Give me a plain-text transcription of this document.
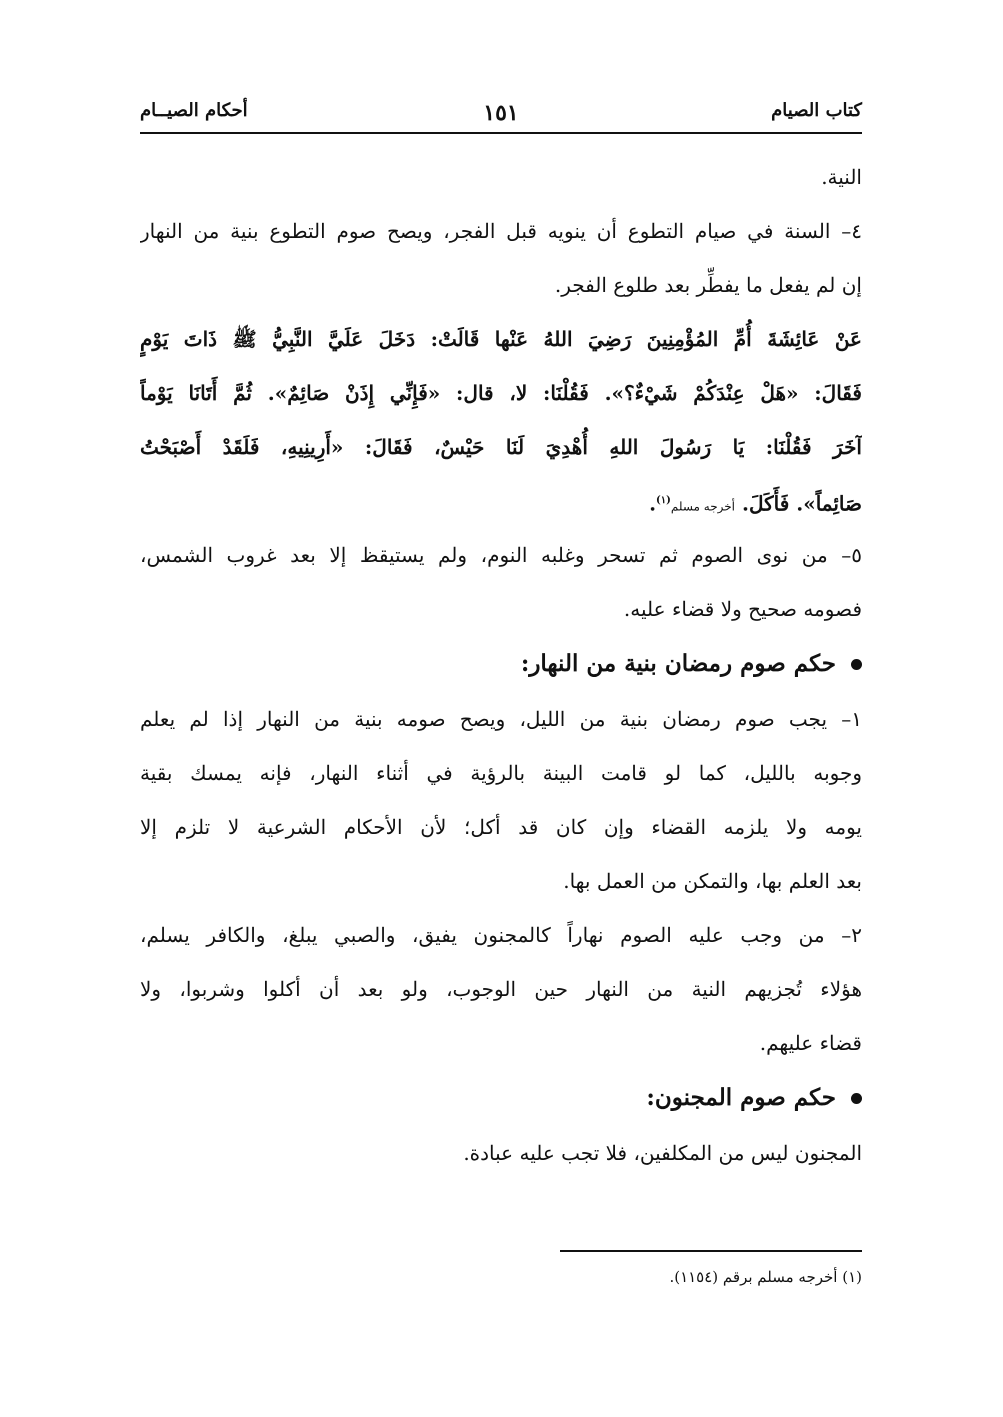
كتاب الصيام
١٥١
أحكام الصيــام
النية.
٤– السنة في صيام التطوع أن ينويه قبل الفجر، ويصح صوم التطوع بنية من النهار
إن لم يفعل ما يفطِّر بعد طلوع الفجر.
عَنْ عَائِشَةَ أُمِّ المُؤْمِنِينَ رَضِيَ اللهُ عَنْها قَالَتْ: دَخَلَ عَلَيَّ النَّبِيُّ ﷺ ذَاتَ يَوْمٍ
فَقَالَ: «هَلْ عِنْدَكُمْ شَيْءٌ؟». فَقُلْنَا: لا، قال: «فَإِنِّي إِذَنْ صَائِمٌ». ثُمَّ أَتَانَا يَوْماً
آخَرَ فَقُلْنَا: يَا رَسُولَ اللهِ أُهْدِيَ لَنَا حَيْسٌ، فَقَالَ: «أَرِينِيهِ، فَلَقَدْ أَصْبَحْتُ
صَائِماً». فَأَكَلَ. أخرجه مسلم$^{(١)}$.
٥– من نوى الصوم ثم تسحر وغلبه النوم، ولم يستيقظ إلا بعد غروب الشمس،
فصومه صحيح ولا قضاء عليه.
حكم صوم رمضان بنية من النهار:
١– يجب صوم رمضان بنية من الليل، ويصح صومه بنية من النهار إذا لم يعلم
وجوبه بالليل، كما لو قامت البينة بالرؤية في أثناء النهار، فإنه يمسك بقية
يومه ولا يلزمه القضاء وإن كان قد أكل؛ لأن الأحكام الشرعية لا تلزم إلا
بعد العلم بها، والتمكن من العمل بها.
٢– من وجب عليه الصوم نهاراً كالمجنون يفيق، والصبي يبلغ، والكافر يسلم،
هؤلاء تُجزيهم النية من النهار حين الوجوب، ولو بعد أن أكلوا وشربوا، ولا
قضاء عليهم.
حكم صوم المجنون:
المجنون ليس من المكلفين، فلا تجب عليه عبادة.
(١) أخرجه مسلم برقم (١١٥٤).
